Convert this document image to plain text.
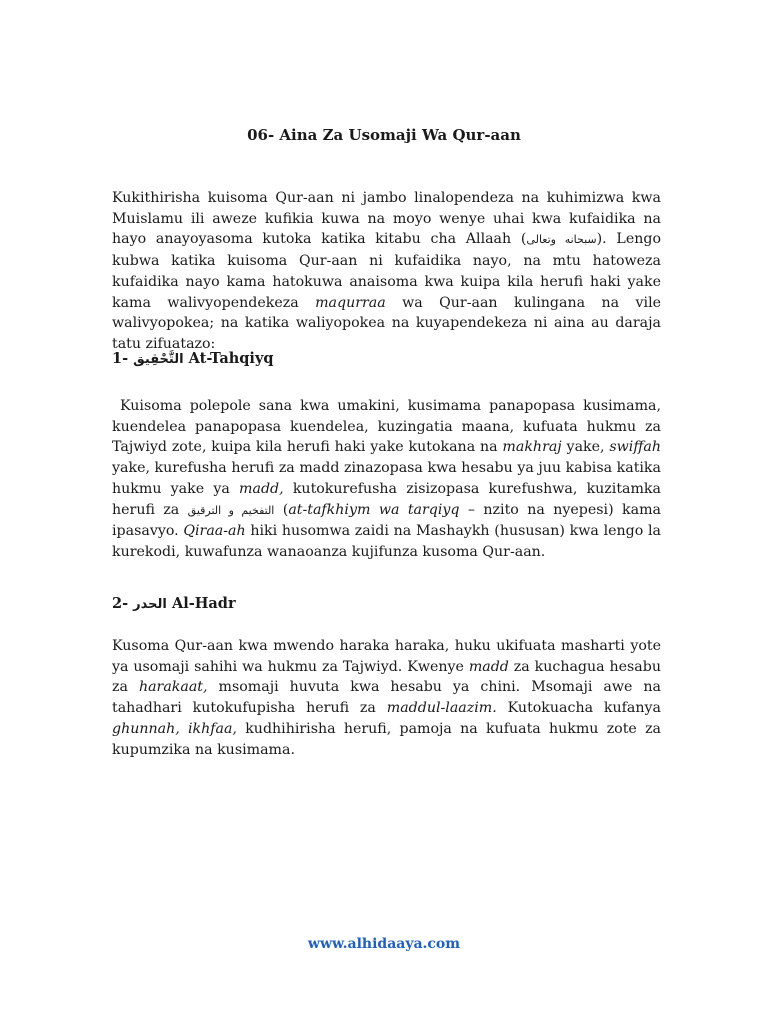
06- Aina Za Usomaji Wa Qur-aan

Kukithirisha kuisoma Qur-aan ni jambo linalopendeza na kuhimizwa kwa Muislamu ili aweze kufikia kuwa na moyo wenye uhai kwa kufaidika na hayo anayoyasoma kutoka katika kitabu cha Allaah (سبحانه وتعالى). Lengo kubwa katika kuisoma Qur-aan ni kufaidika nayo, na mtu hatoweza kufaidika nayo kama hatokuwa anaisoma kwa kuipa kila herufi haki yake kama walivyopendekeza maqurraa wa Qur-aan kulingana na vile walivyopokea; na katika waliyopokea na kuyapendekeza ni aina au daraja tatu zifuatazo:

1- التَّحْقِيق At-Tahqiyq

Kuisoma polepole sana kwa umakini, kusimama panapopasa kusimama, kuendelea panapopasa kuendelea, kuzingatia maana, kufuata hukmu za Tajwiyd zote, kuipa kila herufi haki yake kutokana na makhraj yake, swiffah yake, kurefusha herufi za madd zinazopasa kwa hesabu ya juu kabisa katika hukmu yake ya madd, kutokurefusha zisizopasa kurefushwa, kuzitamka herufi za التفخيم و الترقيق (at-tafkhiym wa tarqiyq – nzito na nyepesi) kama ipasavyo. Qiraa-ah hiki husomwa zaidi na Mashaykh (hususan) kwa lengo la kurekodi, kuwafunza wanaoanza kujifunza kusoma Qur-aan.

2- الحدر Al-Hadr

Kusoma Qur-aan kwa mwendo haraka haraka, huku ukifuata masharti yote ya usomaji sahihi wa hukmu za Tajwiyd. Kwenye madd za kuchagua hesabu za harakaat, msomaji huvuta kwa hesabu ya chini. Msomaji awe na tahadhari kutokufupisha herufi za maddul-laazim. Kutokuacha kufanya ghunnah, ikhfaa, kudhihirisha herufi, pamoja na kufuata hukmu zote za kupumzika na kusimama.

www.alhidaaya.com
